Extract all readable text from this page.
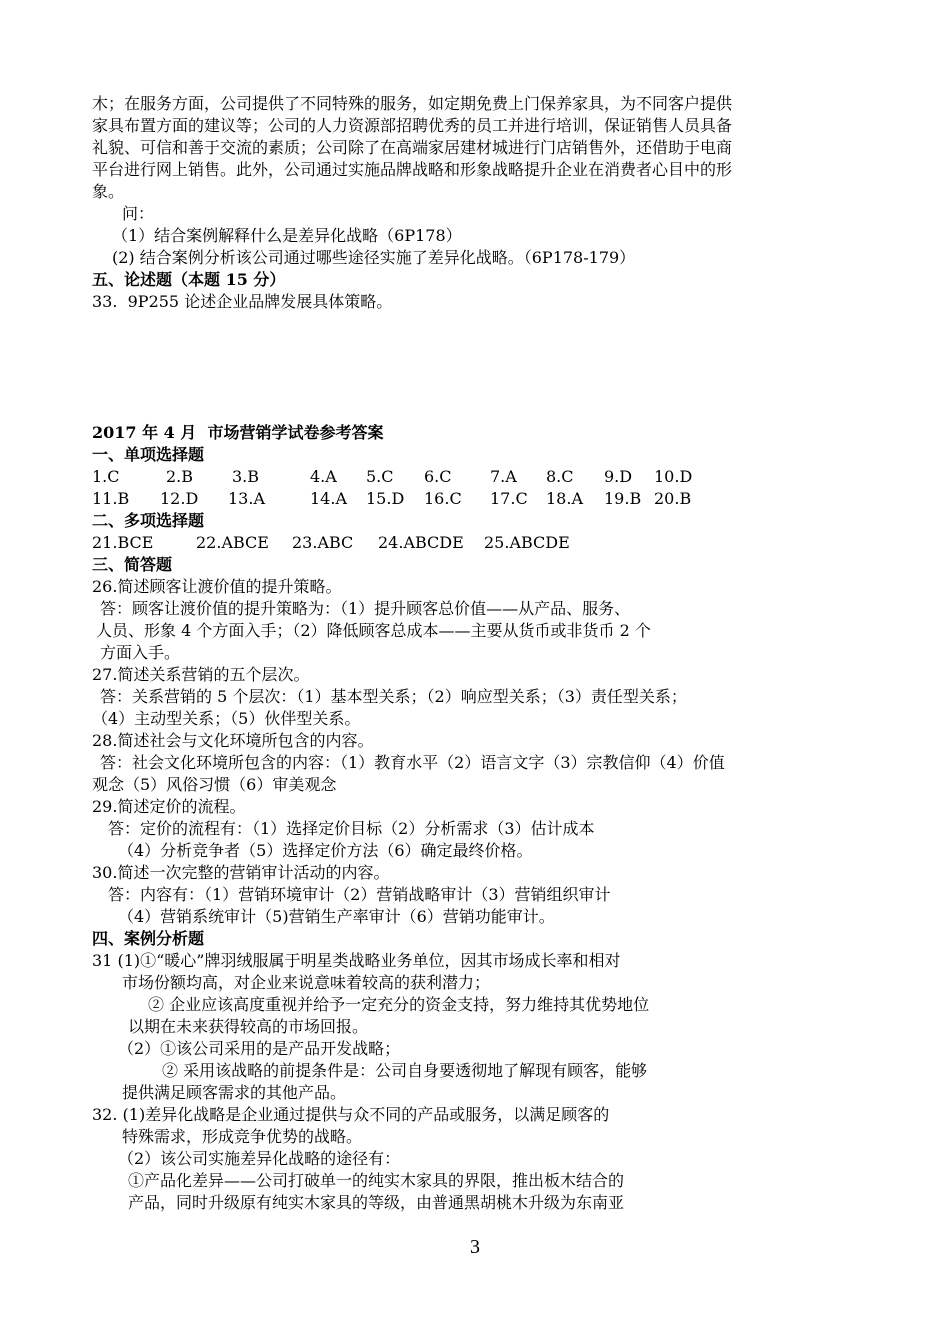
木；在服务方面，公司提供了不同特殊的服务，如定期免费上门保养家具，为不同客户提供
家具布置方面的建议等；公司的人力资源部招聘优秀的员工并进行培训，保证销售人员具备
礼貌、可信和善于交流的素质；公司除了在高端家居建材城进行门店销售外，还借助于电商
平台进行网上销售。此外，公司通过实施品牌战略和形象战略提升企业在消费者心目中的形
象。
问：
（1）结合案例解释什么是差异化战略（6P178）
(2) 结合案例分析该公司通过哪些途径实施了差异化战略。（6P178-179）
五、论述题（本题 15 分）
33.  9P255 论述企业品牌发展具体策略。
2017 年 4 月  市场营销学试卷参考答案
一、单项选择题
1.C	2.B	3.B	4.A	5.C	6.C	7.A	8.C	9.D	10.D
11.B	12.D	13.A	14.A	15.D	16.C	17.C	18.A	19.B 20.B
二、多项选择题
21.BCE	22.ABCE	23.ABC	24.ABCDE	25.ABCDE
三、简答题
26.简述顾客让渡价值的提升策略。
答：顾客让渡价值的提升策略为：（1）提升顾客总价值——从产品、服务、
人员、形象 4 个方面入手；（2）降低顾客总成本——主要从货币或非货币 2 个
方面入手。
27.简述关系营销的五个层次。
答：关系营销的 5 个层次：（1）基本型关系；（2）响应型关系；（3）责任型关系；
（4）主动型关系；（5）伙伴型关系。
28.简述社会与文化环境所包含的内容。
答：社会文化环境所包含的内容：（1）教育水平（2）语言文字（3）宗教信仰（4）价值
观念（5）风俗习惯（6）审美观念
29.简述定价的流程。
答：定价的流程有：（1）选择定价目标（2）分析需求（3）估计成本
（4）分析竞争者（5）选择定价方法（6）确定最终价格。
30.简述一次完整的营销审计活动的内容。
答：内容有：（1）营销环境审计（2）营销战略审计（3）营销组织审计
（4）营销系统审计（5)营销生产率审计（6）营销功能审计。
四、案例分析题
31 (1)①“暖心”牌羽绒服属于明星类战略业务单位，因其市场成长率和相对
市场份额均高，对企业来说意味着较高的获利潜力；
② 企业应该高度重视并给予一定充分的资金支持，努力维持其优势地位
以期在未来获得较高的市场回报。
（2）①该公司采用的是产品开发战略；
② 采用该战略的前提条件是：公司自身要透彻地了解现有顾客，能够
提供满足顾客需求的其他产品。
32. (1)差异化战略是企业通过提供与众不同的产品或服务，以满足顾客的
特殊需求，形成竞争优势的战略。
（2）该公司实施差异化战略的途径有：
①产品化差异——公司打破单一的纯实木家具的界限，推出板木结合的
产品，同时升级原有纯实木家具的等级，由普通黑胡桃木升级为东南亚
3
